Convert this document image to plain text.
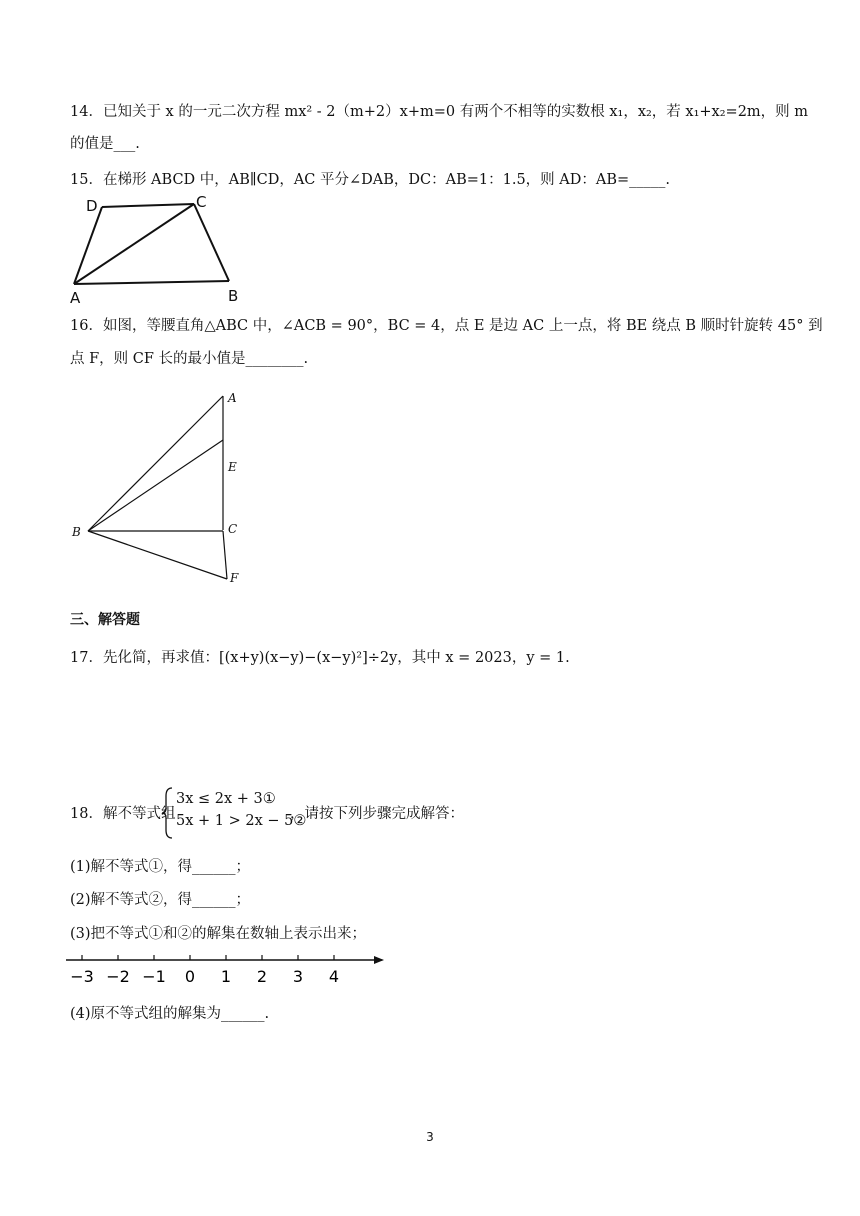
14．已知关于 x 的一元二次方程 mx² - 2（m+2）x+m=0 有两个不相等的实数根 x₁，x₂，若 x₁+x₂=2m，则 m
的值是___.
15．在梯形 ABCD 中，AB∥CD，AC 平分∠DAB，DC：AB=1：1.5，则 AD：AB=_____.
D	C
A	B
16．如图，等腰直角△ABC 中，∠ACB = 90°，BC = 4，点 E 是边 AC 上一点，将 BE 绕点 B 顺时针旋转 45° 到
点 F，则 CF 长的最小值是________.
A
E
B	C
F
三、解答题
17．先化简，再求值：[(x+y)(x−y)−(x−y)²]÷2y，其中 x = 2023，y = 1.
18．解不等式组
3x ≤ 2x + 3①
5x + 1 > 2x − 5②
，请按下列步骤完成解答：
(1)解不等式①，得______；
(2)解不等式②，得______；
(3)把不等式①和②的解集在数轴上表示出来；
−3 −2 −1 0 1 2 3 4
(4)原不等式组的解集为______.
3
